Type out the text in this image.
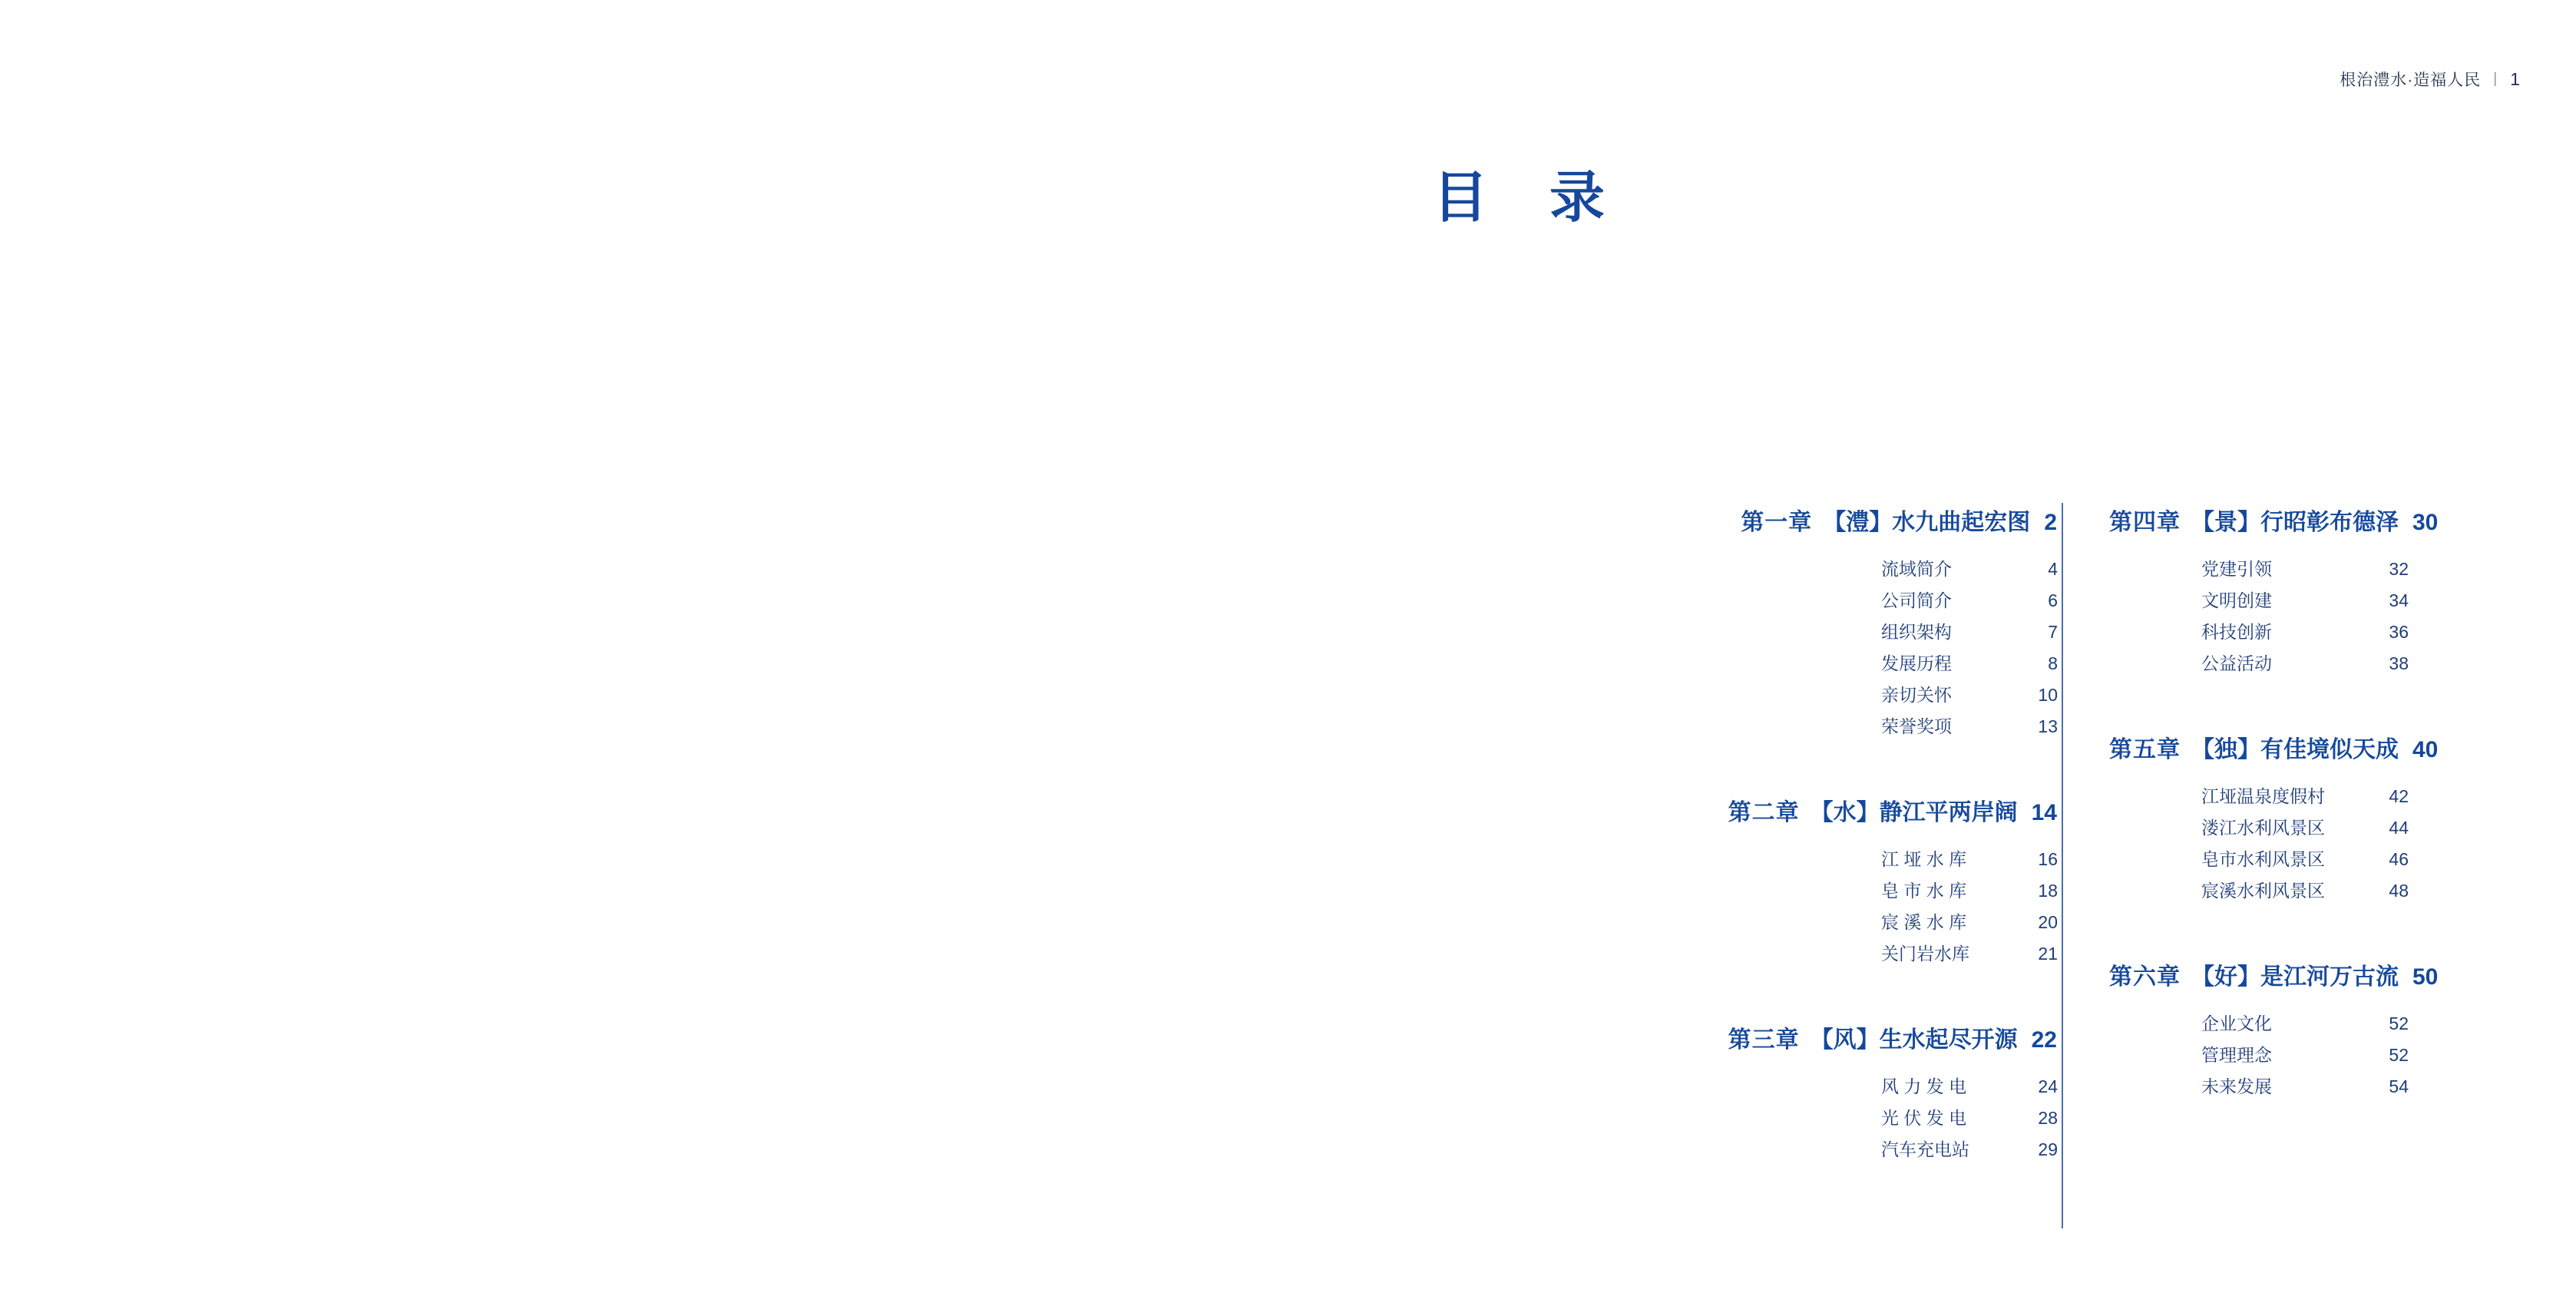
根治澧水·造福人民 | 1
目 录
第一章 【澧】水九曲起宏图 2
流域简介	4
公司简介	6
组织架构	7
发展历程	8
亲切关怀	10
荣誉奖项	13
第二章 【水】静江平两岸阔 14
江 垭 水 库	16
皂 市 水 库	18
宸 溪 水 库	20
关门岩水库	21
第三章 【风】生水起尽开源 22
风 力 发 电	24
光 伏 发 电	28
汽车充电站	29
第四章 【景】行昭彰布德泽 30
党建引领	32
文明创建	34
科技创新	36
公益活动	38
第五章 【独】有佳境似天成 40
江垭温泉度假村	42
溇江水利风景区	44
皂市水利风景区	46
宸溪水利风景区	48
第六章 【好】是江河万古流 50
企业文化	52
管理理念	52
未来发展	54
